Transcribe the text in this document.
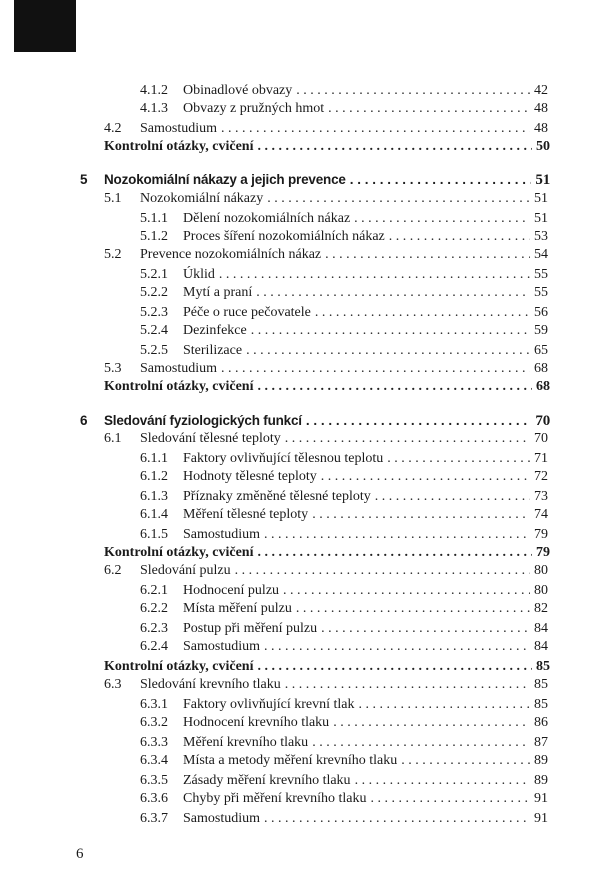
4.1.2	Obinadlové obvazy . . .	42
4.1.3	Obvazy z pružných hmot . . .	48
4.2	Samostudium . . .	48
Kontrolní otázky, cvičení . . .	50
5	Nozokomiální nákazy a jejich prevence . . .	51
5.1	Nozokomiální nákazy . . .	51
5.1.1	Dělení nozokomiálních nákaz . . .	51
5.1.2	Proces šíření nozokomiálních nákaz . . .	53
5.2	Prevence nozokomiálních nákaz . . .	54
5.2.1	Úklid . . .	55
5.2.2	Mytí a praní . . .	55
5.2.3	Péče o ruce pečovatele . . .	56
5.2.4	Dezinfekce . . .	59
5.2.5	Sterilizace . . .	65
5.3	Samostudium . . .	68
Kontrolní otázky, cvičení . . .	68
6	Sledování fyziologických funkcí . . .	70
6.1	Sledování tělesné teploty . . .	70
6.1.1	Faktory ovlivňující tělesnou teplotu . . .	71
6.1.2	Hodnoty tělesné teploty . . .	72
6.1.3	Příznaky změněné tělesné teploty . . .	73
6.1.4	Měření tělesné teploty . . .	74
6.1.5	Samostudium . . .	79
Kontrolní otázky, cvičení . . .	79
6.2	Sledování pulzu . . .	80
6.2.1	Hodnocení pulzu . . .	80
6.2.2	Místa měření pulzu . . .	82
6.2.3	Postup při měření pulzu . . .	84
6.2.4	Samostudium . . .	84
Kontrolní otázky, cvičení . . .	85
6.3	Sledování krevního tlaku . . .	85
6.3.1	Faktory ovlivňující krevní tlak . . .	85
6.3.2	Hodnocení krevního tlaku . . .	86
6.3.3	Měření krevního tlaku . . .	87
6.3.4	Místa a metody měření krevního tlaku . . .	89
6.3.5	Zásady měření krevního tlaku . . .	89
6.3.6	Chyby při měření krevního tlaku . . .	91
6.3.7	Samostudium . . .	91
6
